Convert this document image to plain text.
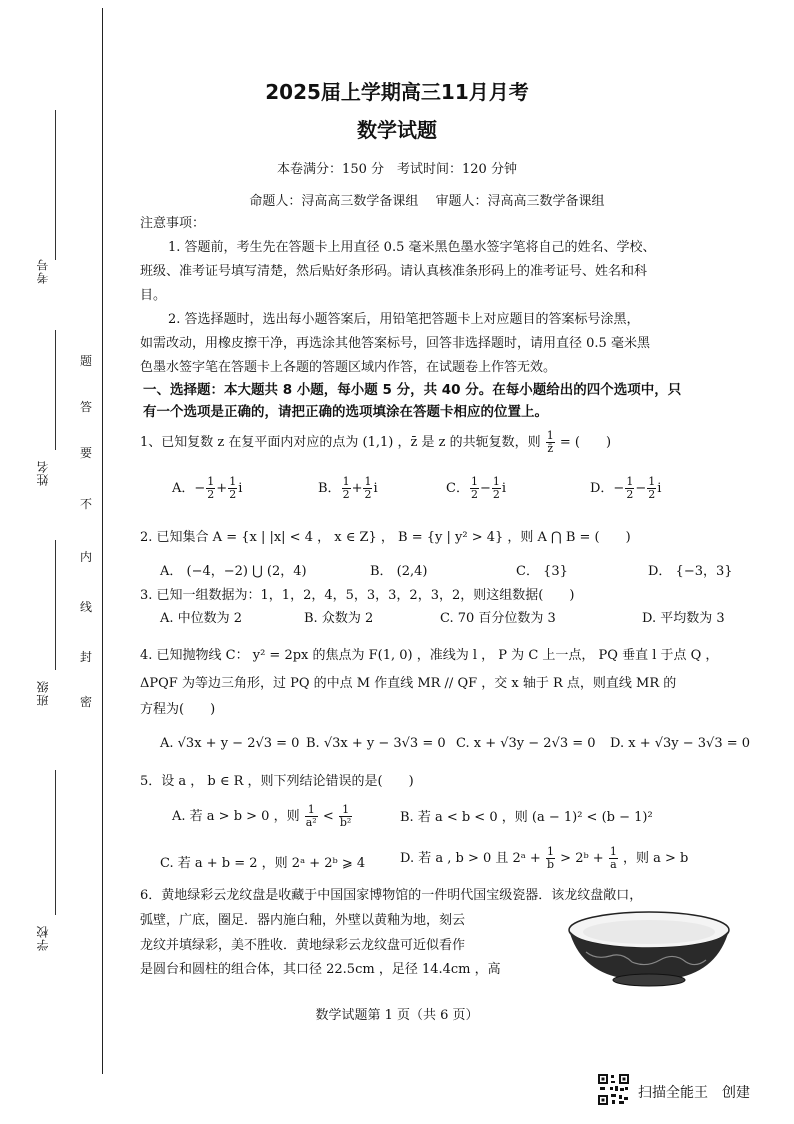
考号
姓名
班级
学校
题
答
要
不
内
线
封
密
2025届上学期高三11月月考
数学试题
本卷满分：150 分　考试时间：120 分钟
命题人：浔高高三数学备课组　 审题人：浔高高三数学备课组
注意事项：
1. 答题前，考生先在答题卡上用直径 0.5 毫米黑色墨水签字笔将自己的姓名、学校、
班级、准考证号填写清楚，然后贴好条形码。请认真核准条形码上的准考证号、姓名和科
目。
2. 答选择题时，选出每小题答案后，用铅笔把答题卡上对应题目的答案标号涂黑，
如需改动，用橡皮擦干净，再选涂其他答案标号，回答非选择题时，请用直径 0.5 毫米黑
色墨水签字笔在答题卡上各题的答题区域内作答，在试题卷上作答无效。
一、选择题：本大题共 8 小题，每小题 5 分，共 40 分。在每小题给出的四个选项中，只
有一个选项是正确的，请把正确的选项填涂在答题卡相应的位置上。
1、已知复数 z 在复平面内对应的点为 (1,1) ，z̄ 是 z 的共轭复数，则 $\frac{1}{z̄}$ = (　　)
A．− $\frac{1}{2} + \frac{1}{2}$ i	B． $\frac{1}{2} + \frac{1}{2}$ i	C． $\frac{1}{2} - \frac{1}{2}$ i	D．− $\frac{1}{2} - \frac{1}{2}$ i
2. 已知集合 A = {x | |x| < 4 ， x ∈ Z} ， B = {y | y² > 4} ，则 A ⋂ B = (　　)
A． (−4，−2) ⋃ (2，4)	B． (2,4)	C． {3}	D． {−3，3}
3. 已知一组数据为：1，1，2，4，5，3，3，2，3，2，则这组数据(　　)
A. 中位数为 2	B. 众数为 2	C. 70 百分位数为 3	D. 平均数为 3
4. 已知抛物线 C： y² = 2px 的焦点为 F(1, 0) ，准线为 l ， P 为 C 上一点， PQ 垂直 l 于点 Q ，
ΔPQF 为等边三角形，过 PQ 的中点 M 作直线 MR // QF ，交 x 轴于 R 点，则直线 MR 的
方程为(　　)
A. √3x + y − 2√3 = 0 B. √3x + y − 3√3 = 0 C. x + √3y − 2√3 = 0 D. x + √3y − 3√3 = 0
5．设 a ， b ∈ R ，则下列结论错误的是(　　)
A. 若 a > b > 0 ，则 $\frac{1}{\text{a²}} < \frac{1}{\text{b²}}$	B. 若 a < b < 0 ，则 (a − 1)² < (b − 1)²
C. 若 a + b = 2 ，则 2ᵃ + 2ᵇ ⩾ 4	D. 若 a , b > 0 且 2ᵃ + $\frac{1}{b}$ > 2ᵇ + $\frac{1}{a}$ ，则 a > b
6．黄地绿彩云龙纹盘是收藏于中国国家博物馆的一件明代国宝级瓷器．该龙纹盘敞口，
弧壁，广底，圈足．器内施白釉，外壁以黄釉为地，刻云
龙纹并填绿彩，美不胜收．黄地绿彩云龙纹盘可近似看作
是圆台和圆柱的组合体，其口径 22.5cm ，足径 14.4cm ，高
数学试题第 1 页（共 6 页）
扫描全能王　创建
